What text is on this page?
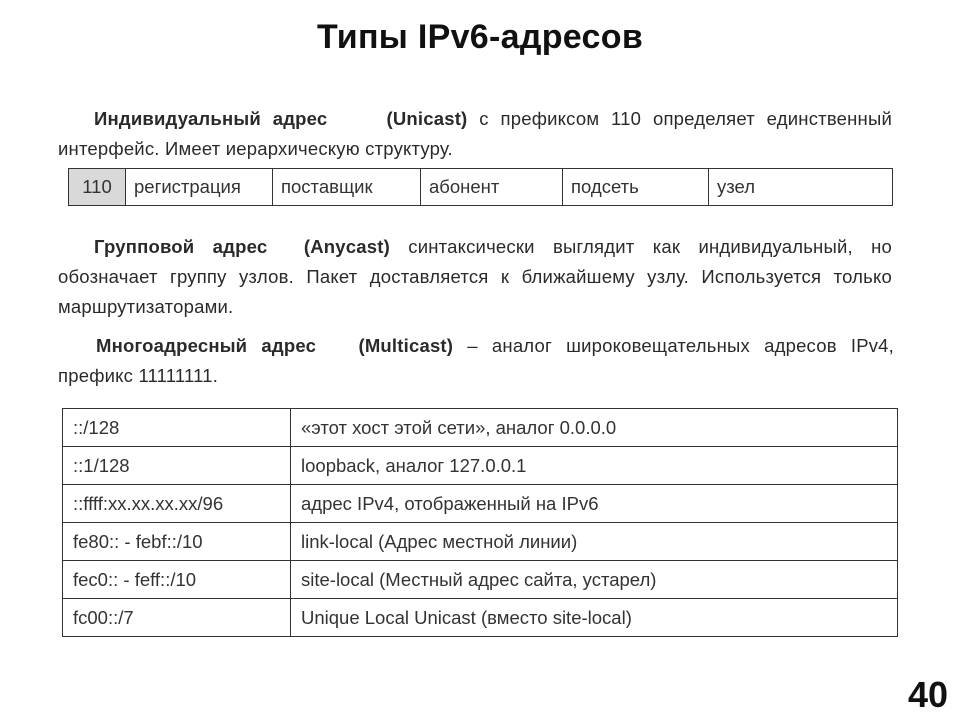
Типы IPv6-адресов
Индивидуальный адрес	(Unicast) с префиксом 110 определяет единственный интерфейс. Имеет иерархическую структуру.
110	регистрация	поставщик	абонент	подсеть	узел
Групповой адрес (Anycast) синтаксически выглядит как индивидуальный, но обозначает группу узлов. Пакет доставляется к ближайшему узлу. Используется только маршрутизаторами.
Многоадресный адрес (Multicast) – аналог широковещательных адресов IPv4, префикс 11111111.
::/128	«этот хост этой сети», аналог 0.0.0.0
::1/128	loopback, аналог 127.0.0.1
::ffff:xx.xx.xx.xx/96	адрес IPv4, отображенный на IPv6
fe80:: - febf::/10	link-local (Адрес местной линии)
fec0:: - feff::/10	site-local (Местный адрес сайта, устарел)
fc00::/7	Unique Local Unicast (вместо site-local)
40
